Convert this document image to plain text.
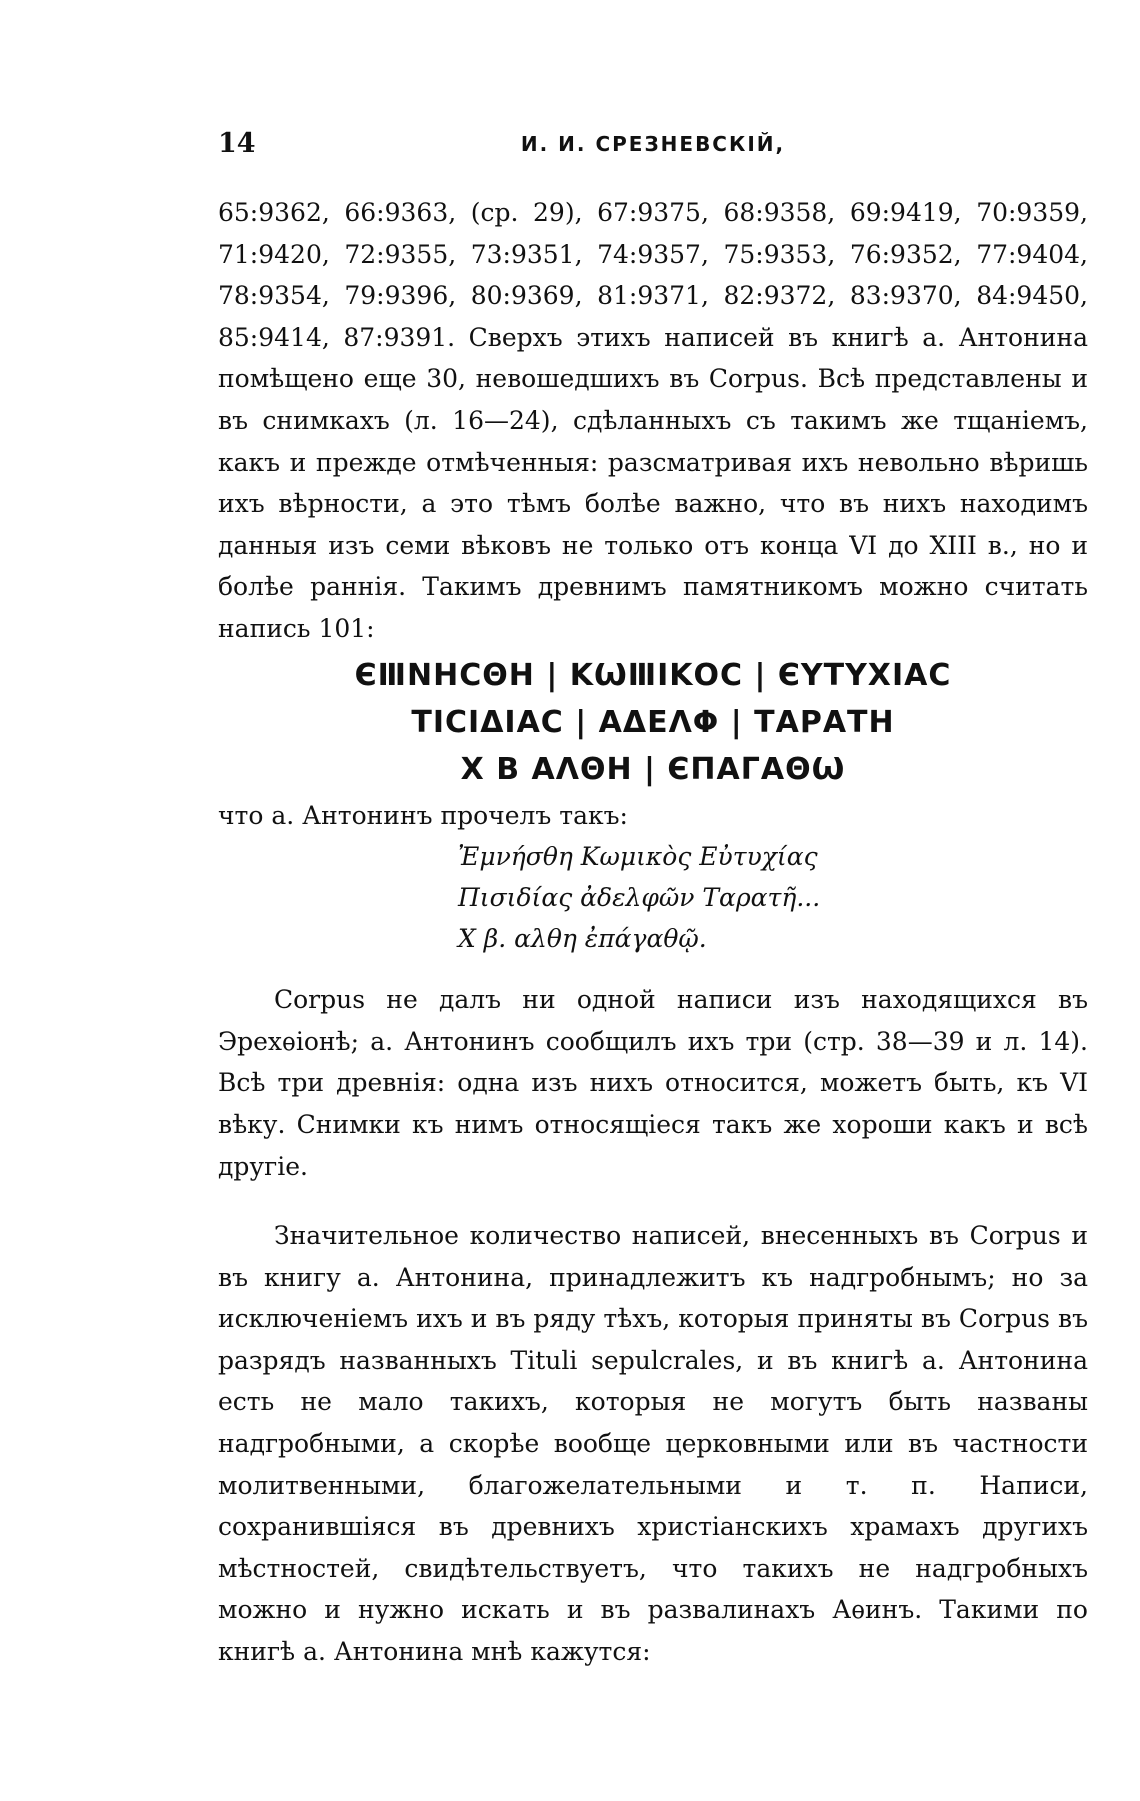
14	И. И. СРЕЗНЕВСКIЙ,

65:9362, 66:9363, (ср. 29), 67:9375, 68:9358, 69:9419, 70:9359, 71:9420, 72:9355, 73:9351, 74:9357, 75:9353, 76:9352, 77:9404, 78:9354, 79:9396, 80:9369, 81:9371, 82:9372, 83:9370, 84:9450, 85:9414, 87:9391. Сверхъ этихъ написей въ книгѣ а. Антонина помѣщено еще 30, невошедшихъ въ Corpus. Всѣ представлены и въ снимкахъ (л. 16—24), сдѣланныхъ съ такимъ же тщанiемъ, какъ и прежде отмѣченныя: разсматривая ихъ невольно вѣришь ихъ вѣрности, а это тѣмъ болѣе важно, что въ нихъ находимъ данныя изъ семи вѣковъ не только отъ конца VI до XIII в., но и болѣе раннiя. Такимъ древнимъ памятникомъ можно считать напись 101:

ЄⅢΝΗCΘΗ | ΚѠⅢΙΚΟC | ЄΥΤΥΧΙΑC
ΤΙCΙΔΙΑC | ΑΔΕΛΦ | ΤΑΡΑΤΗ
Χ Β ΑΛΘΗ | ЄΠΑΓΑΘѠ

что а. Антонинъ прочелъ такъ:

Ἐμνήσθη Κωμικὸς Εὐτυχίας
Πισιδίας ἀδελφῶν Ταρατῆ...
Χ β. αλθη ἐπάγαθῷ.

Corpus не далъ ни одной написи изъ находящихся въ Эрехѳiонѣ; а. Антонинъ сообщилъ ихъ три (стр. 38—39 и л. 14). Всѣ три древнiя: одна изъ нихъ относится, можетъ быть, къ VI вѣку. Снимки къ нимъ относящiеся такъ же хороши какъ и всѣ другiе.

Значительное количество написей, внесенныхъ въ Corpus и въ книгу а. Антонина, принадлежитъ къ надгробнымъ; но за исключенiемъ ихъ и въ ряду тѣхъ, которыя приняты въ Corpus въ разрядъ названныхъ Tituli sepulcrales, и въ книгѣ а. Антонина есть не мало такихъ, которыя не могутъ быть названы надгробными, а скорѣе вообще церковными или въ частности молитвенными, благожелательными и т. п. Написи, сохранившiяся въ древнихъ христiанскихъ храмахъ другихъ мѣстностей, свидѣтельствуетъ, что такихъ не надгробныхъ можно и нужно искать и въ развалинахъ Аѳинъ. Такими по книгѣ а. Антонина мнѣ кажутся:
